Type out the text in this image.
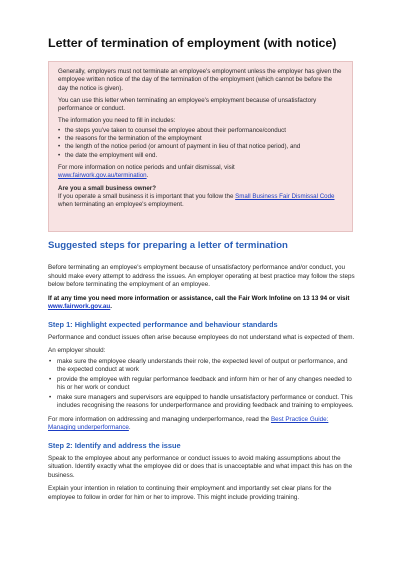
Letter of termination of employment (with notice)

Generally, employers must not terminate an employee's employment unless the employer has given the employee written notice of the day of the termination of the employment (which cannot be before the day the notice is given).

You can use this letter when terminating an employee's employment because of unsatisfactory performance or conduct.

The information you need to fill in includes:

• the steps you've taken to counsel the employee about their performance/conduct
• the reasons for the termination of the employment
• the length of the notice period (or amount of payment in lieu of that notice period), and
• the date the employment will end.

For more information on notice periods and unfair dismissal, visit
www.fairwork.gov.au/termination.

Are you a small business owner?

If you operate a small business it is important that you follow the Small Business Fair Dismissal Code when terminating an employee's employment.

Suggested steps for preparing a letter of termination

Before terminating an employee's employment because of unsatisfactory performance and/or conduct, you should make every attempt to address the issues. An employer operating at best practice may follow the steps below before terminating the employment of an employee.

If at any time you need more information or assistance, call the Fair Work Infoline on 13 13 94 or visit www.fairwork.gov.au.

Step 1: Highlight expected performance and behaviour standards

Performance and conduct issues often arise because employees do not understand what is expected of them.

An employer should:

• make sure the employee clearly understands their role, the expected level of output or performance, and the expected conduct at work
• provide the employee with regular performance feedback and inform him or her of any changes needed to his or her work or conduct
• make sure managers and supervisors are equipped to handle unsatisfactory performance or conduct. This includes recognising the reasons for underperformance and providing feedback and training to employees.

For more information on addressing and managing underperformance, read the Best Practice Guide: Managing underperformance.

Step 2: Identify and address the issue

Speak to the employee about any performance or conduct issues to avoid making assumptions about the situation. Identify exactly what the employee did or does that is unacceptable and what impact this has on the business.

Explain your intention in relation to continuing their employment and importantly set clear plans for the employee to follow in order for him or her to improve. This might include providing training.
